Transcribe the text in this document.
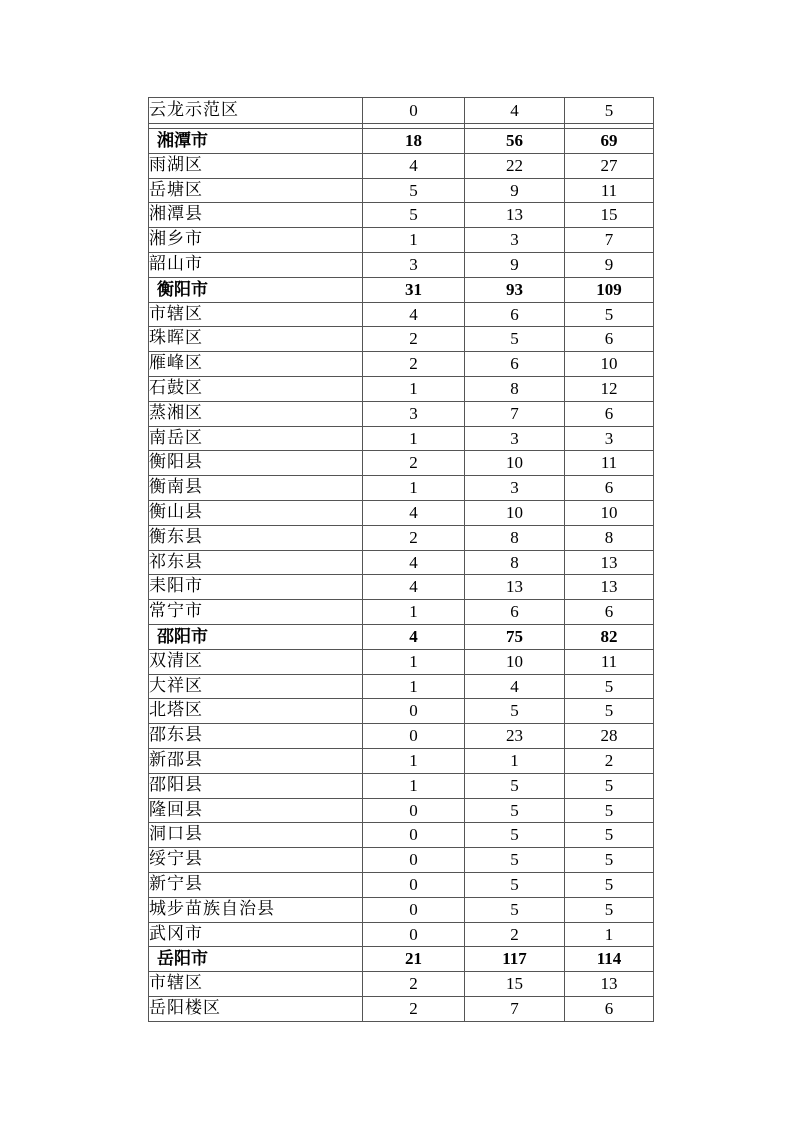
云龙示范区	0	4	5

湘潭市	18	56	69
雨湖区	4	22	27
岳塘区	5	9	11
湘潭县	5	13	15
湘乡市	1	3	7
韶山市	3	9	9
衡阳市	31	93	109
市辖区	4	6	5
珠晖区	2	5	6
雁峰区	2	6	10
石鼓区	1	8	12
蒸湘区	3	7	6
南岳区	1	3	3
衡阳县	2	10	11
衡南县	1	3	6
衡山县	4	10	10
衡东县	2	8	8
祁东县	4	8	13
耒阳市	4	13	13
常宁市	1	6	6
邵阳市	4	75	82
双清区	1	10	11
大祥区	1	4	5
北塔区	0	5	5
邵东县	0	23	28
新邵县	1	1	2
邵阳县	1	5	5
隆回县	0	5	5
洞口县	0	5	5
绥宁县	0	5	5
新宁县	0	5	5
城步苗族自治县	0	5	5
武冈市	0	2	1
岳阳市	21	117	114
市辖区	2	15	13
岳阳楼区	2	7	6
